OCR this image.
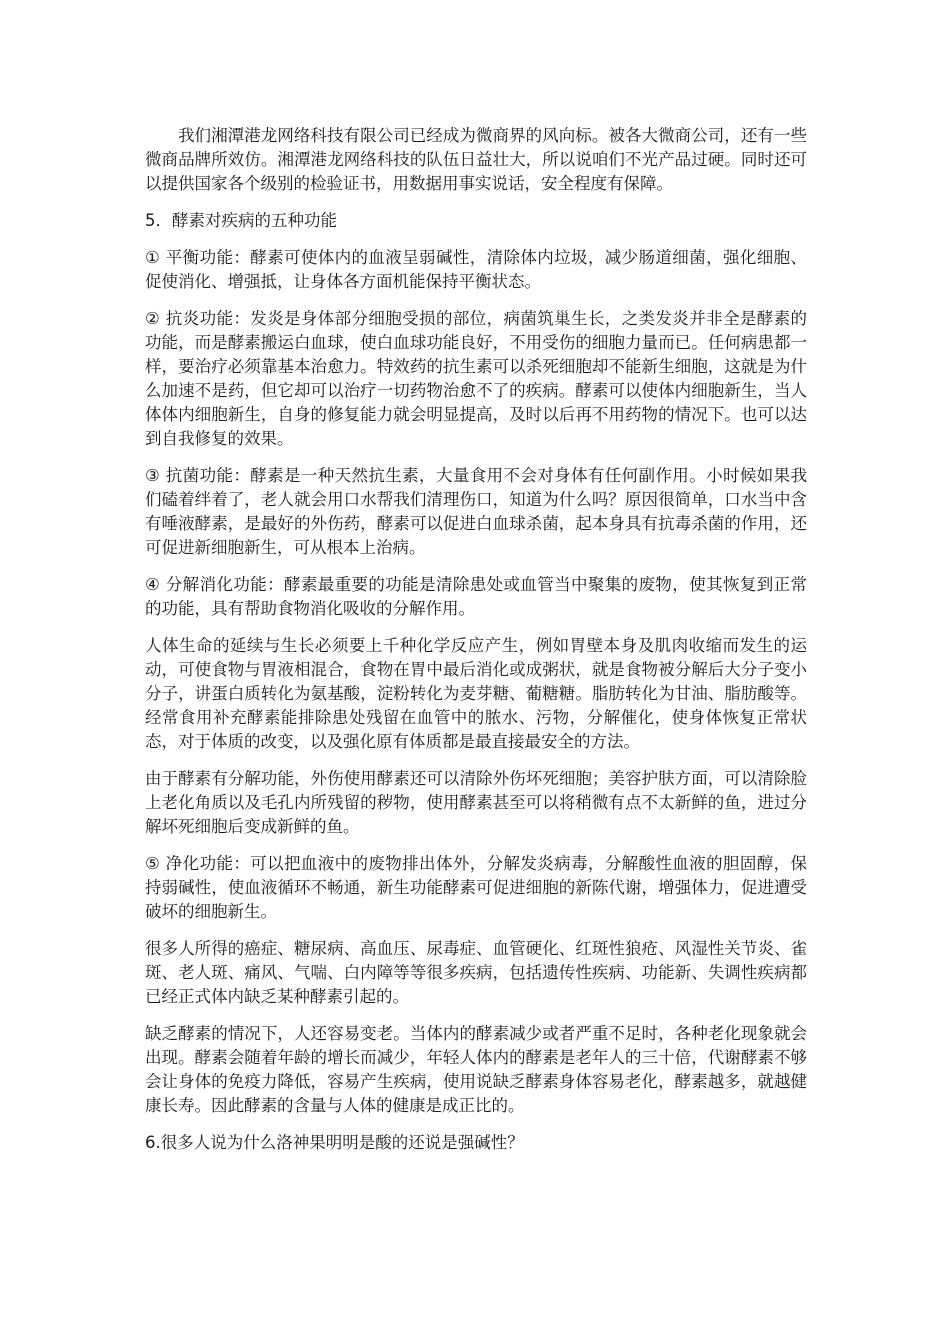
我们湘潭港龙网络科技有限公司已经成为微商界的风向标。被各大微商公司，还有一些微商品牌所效仿。湘潭港龙网络科技的队伍日益壮大，所以说咱们不光产品过硬。同时还可以提供国家各个级别的检验证书，用数据用事实说话，安全程度有保障。

5．酵素对疾病的五种功能

① 平衡功能：酵素可使体内的血液呈弱碱性，清除体内垃圾，减少肠道细菌，强化细胞、促使消化、增强抵，让身体各方面机能保持平衡状态。

② 抗炎功能：发炎是身体部分细胞受损的部位，病菌筑巢生长，之类发炎并非全是酵素的功能，而是酵素搬运白血球，使白血球功能良好，不用受伤的细胞力量而已。任何病患都一样，要治疗必须靠基本治愈力。特效药的抗生素可以杀死细胞却不能新生细胞，这就是为什么加速不是药，但它却可以治疗一切药物治愈不了的疾病。酵素可以使体内细胞新生，当人体体内细胞新生，自身的修复能力就会明显提高，及时以后再不用药物的情况下。也可以达到自我修复的效果。

③ 抗菌功能：酵素是一种天然抗生素，大量食用不会对身体有任何副作用。小时候如果我们磕着绊着了，老人就会用口水帮我们清理伤口，知道为什么吗？原因很简单，口水当中含有唾液酵素，是最好的外伤药，酵素可以促进白血球杀菌，起本身具有抗毒杀菌的作用，还可促进新细胞新生，可从根本上治病。

④ 分解消化功能：酵素最重要的功能是清除患处或血管当中聚集的废物，使其恢复到正常的功能，具有帮助食物消化吸收的分解作用。

人体生命的延续与生长必须要上千种化学反应产生，例如胃壁本身及肌肉收缩而发生的运动，可使食物与胃液相混合，食物在胃中最后消化或成粥状，就是食物被分解后大分子变小分子，讲蛋白质转化为氨基酸，淀粉转化为麦芽糖、葡糖糖。脂肪转化为甘油、脂肪酸等。经常食用补充酵素能排除患处残留在血管中的脓水、污物，分解催化，使身体恢复正常状态，对于体质的改变，以及强化原有体质都是最直接最安全的方法。

由于酵素有分解功能，外伤使用酵素还可以清除外伤坏死细胞；美容护肤方面，可以清除脸上老化角质以及毛孔内所残留的秽物，使用酵素甚至可以将稍微有点不太新鲜的鱼，进过分解坏死细胞后变成新鲜的鱼。

⑤ 净化功能：可以把血液中的废物排出体外，分解发炎病毒，分解酸性血液的胆固醇，保持弱碱性，使血液循环不畅通，新生功能酵素可促进细胞的新陈代谢，增强体力，促进遭受破坏的细胞新生。

很多人所得的癌症、糖尿病、高血压、尿毒症、血管硬化、红斑性狼疮、风湿性关节炎、雀斑、老人斑、痛风、气喘、白内障等等很多疾病，包括遗传性疾病、功能新、失调性疾病都已经正式体内缺乏某种酵素引起的。

缺乏酵素的情况下，人还容易变老。当体内的酵素减少或者严重不足时，各种老化现象就会出现。酵素会随着年龄的增长而减少，年轻人体内的酵素是老年人的三十倍，代谢酵素不够会让身体的免疫力降低，容易产生疾病，使用说缺乏酵素身体容易老化，酵素越多，就越健康长寿。因此酵素的含量与人体的健康是成正比的。

6.很多人说为什么洛神果明明是酸的还说是强碱性？
